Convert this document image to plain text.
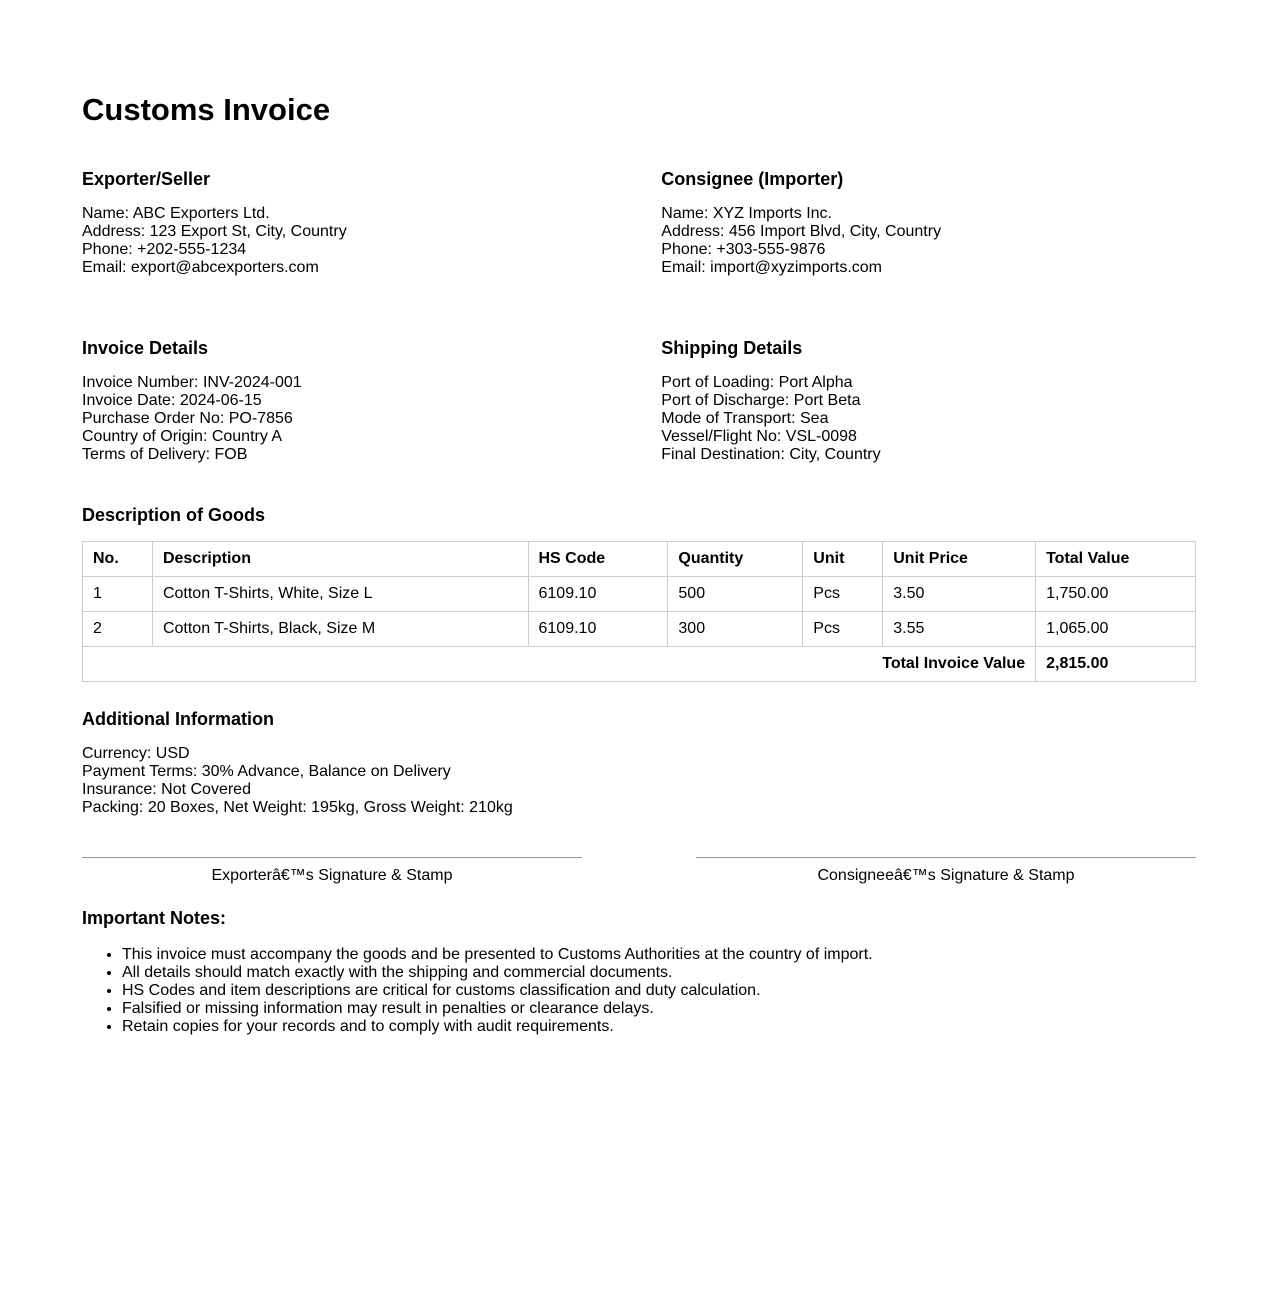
Customs Invoice
Exporter/Seller
Name: ABC Exporters Ltd.
Address: 123 Export St, City, Country
Phone: +202-555-1234
Email: export@abcexporters.com
Consignee (Importer)
Name: XYZ Imports Inc.
Address: 456 Import Blvd, City, Country
Phone: +303-555-9876
Email: import@xyzimports.com
Invoice Details
Invoice Number: INV-2024-001
Invoice Date: 2024-06-15
Purchase Order No: PO-7856
Country of Origin: Country A
Terms of Delivery: FOB
Shipping Details
Port of Loading: Port Alpha
Port of Discharge: Port Beta
Mode of Transport: Sea
Vessel/Flight No: VSL-0098
Final Destination: City, Country
Description of Goods
No.	Description	HS Code	Quantity	Unit	Unit Price	Total Value
1	Cotton T-Shirts, White, Size L	6109.10	500	Pcs	3.50	1,750.00
2	Cotton T-Shirts, Black, Size M	6109.10	300	Pcs	3.55	1,065.00
Total Invoice Value						2,815.00
Additional Information
Currency: USD
Payment Terms: 30% Advance, Balance on Delivery
Insurance: Not Covered
Packing: 20 Boxes, Net Weight: 195kg, Gross Weight: 210kg
Exporterâ€™s Signature & Stamp	Consigneeâ€™s Signature & Stamp
Important Notes:
• This invoice must accompany the goods and be presented to Customs Authorities at the country of import.
• All details should match exactly with the shipping and commercial documents.
• HS Codes and item descriptions are critical for customs classification and duty calculation.
• Falsified or missing information may result in penalties or clearance delays.
• Retain copies for your records and to comply with audit requirements.
